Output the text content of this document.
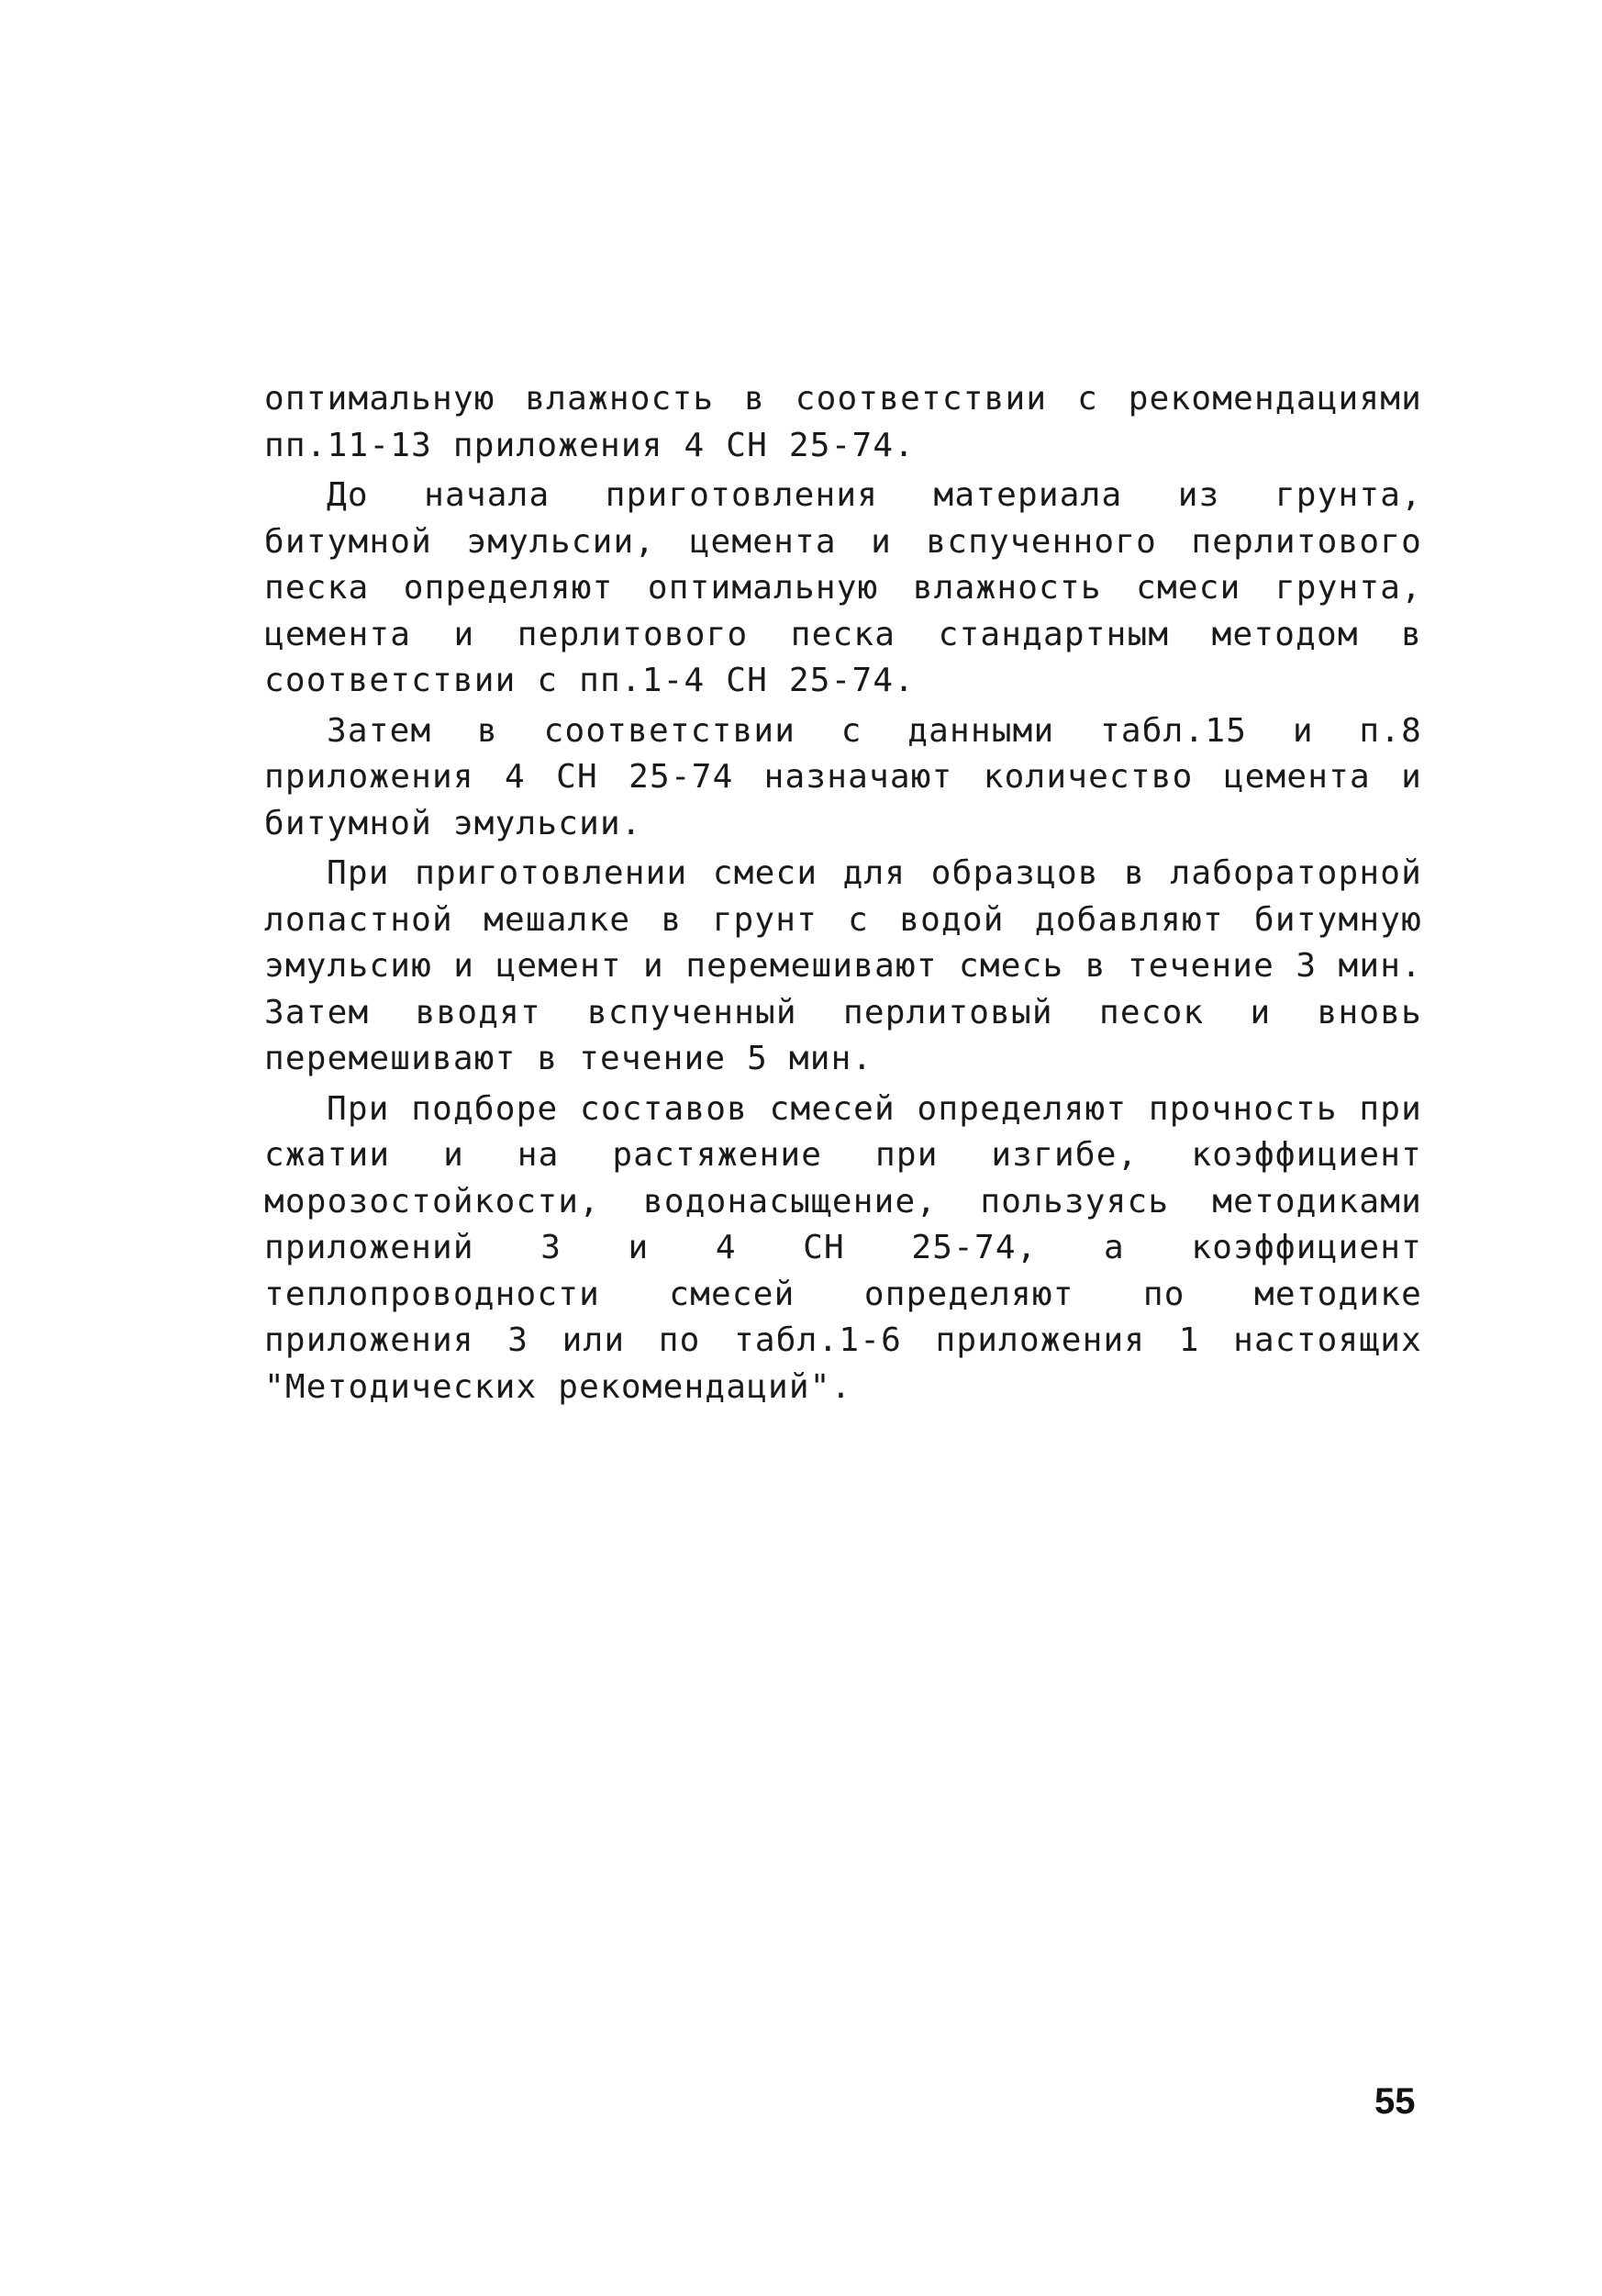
оптимальную влажность в соответствии с рекомендациями пп.11-13 приложения 4 СН 25-74.

До начала приготовления материала из грунта, битумной эмульсии, цемента и вспученного перлитового песка определяют оптимальную влажность смеси грунта, цемента и перлитового песка стандартным методом в соответствии с пп.1-4 СН 25-74.

Затем в соответствии с данными табл.15 и п.8 приложения 4 СН 25-74 назначают количество цемента и битумной эмульсии.

При приготовлении смеси для образцов в лабораторной лопастной мешалке в грунт с водой добавляют битумную эмульсию и цемент и перемешивают смесь в течение 3 мин. Затем вводят вспученный перлитовый песок и вновь перемешивают в течение 5 мин.

При подборе составов смесей определяют прочность при сжатии и на растяжение при изгибе, коэффициент морозостойкости, водонасыщение, пользуясь методиками приложений 3 и 4 СН 25-74, а коэффициент теплопроводности смесей определяют по методике приложения 3 или по табл.1-6 приложения 1 настоящих "Методических рекомендаций".

55
